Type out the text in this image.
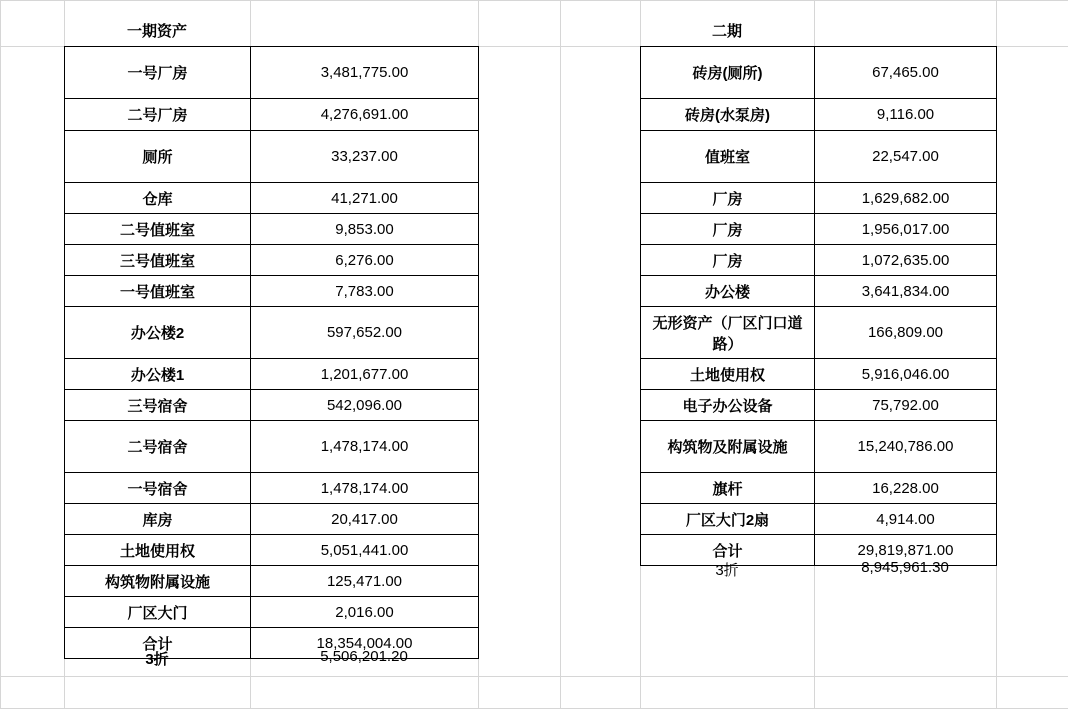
一期资产	二期
一号厂房	3,481,775.00
二号厂房	4,276,691.00
厕所	33,237.00
仓库	41,271.00
二号值班室	9,853.00
三号值班室	6,276.00
一号值班室	7,783.00
办公楼2	597,652.00
办公楼1	1,201,677.00
三号宿舍	542,096.00
二号宿舍	1,478,174.00
一号宿舍	1,478,174.00
库房	20,417.00
土地使用权	5,051,441.00
构筑物附属设施	125,471.00
厂区大门	2,016.00
合计	18,354,004.00
砖房(厕所)	67,465.00
砖房(水泵房)	9,116.00
值班室	22,547.00
厂房	1,629,682.00
厂房	1,956,017.00
厂房	1,072,635.00
办公楼	3,641,834.00
无形资产（厂区门口道路）	166,809.00
土地使用权	5,916,046.00
电子办公设备	75,792.00
构筑物及附属设施	15,240,786.00
旗杆	16,228.00
厂区大门2扇	4,914.00
合计	29,819,871.00
3折	5,506,201.20
3折	8,945,961.30
